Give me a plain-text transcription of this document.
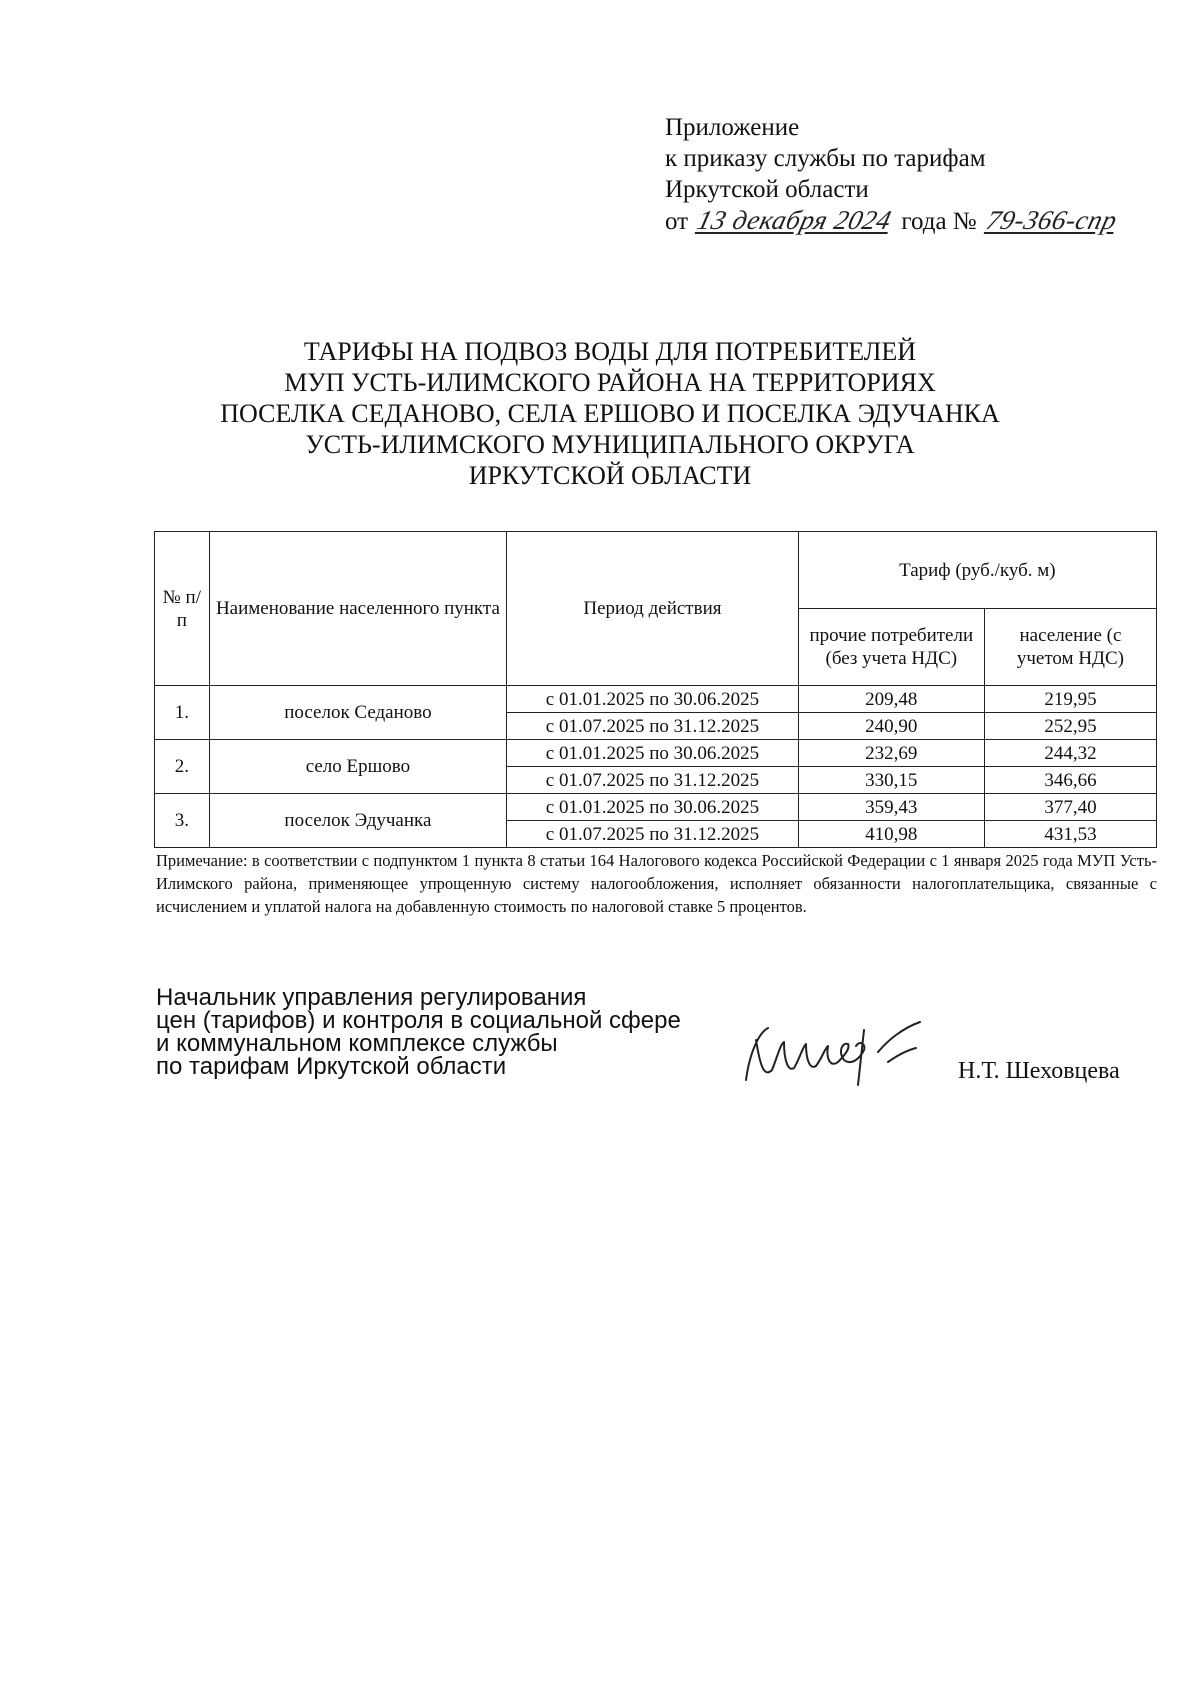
Приложение
к приказу службы по тарифам
Иркутской области
от 13 декабря 2024 года № 79-366-спр
ТАРИФЫ НА ПОДВОЗ ВОДЫ ДЛЯ ПОТРЕБИТЕЛЕЙ
МУП УСТЬ-ИЛИМСКОГО РАЙОНА НА ТЕРРИТОРИЯХ
ПОСЕЛКА СЕДАНОВО, СЕЛА ЕРШОВО И ПОСЕЛКА ЭДУЧАНКА
УСТЬ-ИЛИМСКОГО МУНИЦИПАЛЬНОГО ОКРУГА
ИРКУТСКОЙ ОБЛАСТИ
№ п/п	Наименование населенного пункта	Период действия	Тариф (руб./куб. м)	
			прочие потребители (без учета НДС)	население (с учетом НДС)
1.	поселок Седаново	с 01.01.2025 по 30.06.2025	209,48	219,95
		с 01.07.2025 по 31.12.2025	240,90	252,95
2.	село Ершово	с 01.01.2025 по 30.06.2025	232,69	244,32
		с 01.07.2025 по 31.12.2025	330,15	346,66
3.	поселок Эдучанка	с 01.01.2025 по 30.06.2025	359,43	377,40
		с 01.07.2025 по 31.12.2025	410,98	431,53
Примечание: в соответствии с подпунктом 1 пункта 8 статьи 164 Налогового кодекса Российской Федерации с 1 января 2025 года МУП Усть-Илимского района, применяющее упрощенную систему налогообложения, исполняет обязанности налогоплательщика, связанные с исчислением и уплатой налога на добавленную стоимость по налоговой ставке 5 процентов.
Начальник управления регулирования
цен (тарифов) и контроля в социальной сфере
и коммунальном комплексе службы
по тарифам Иркутской области	Н.Т. Шеховцева
